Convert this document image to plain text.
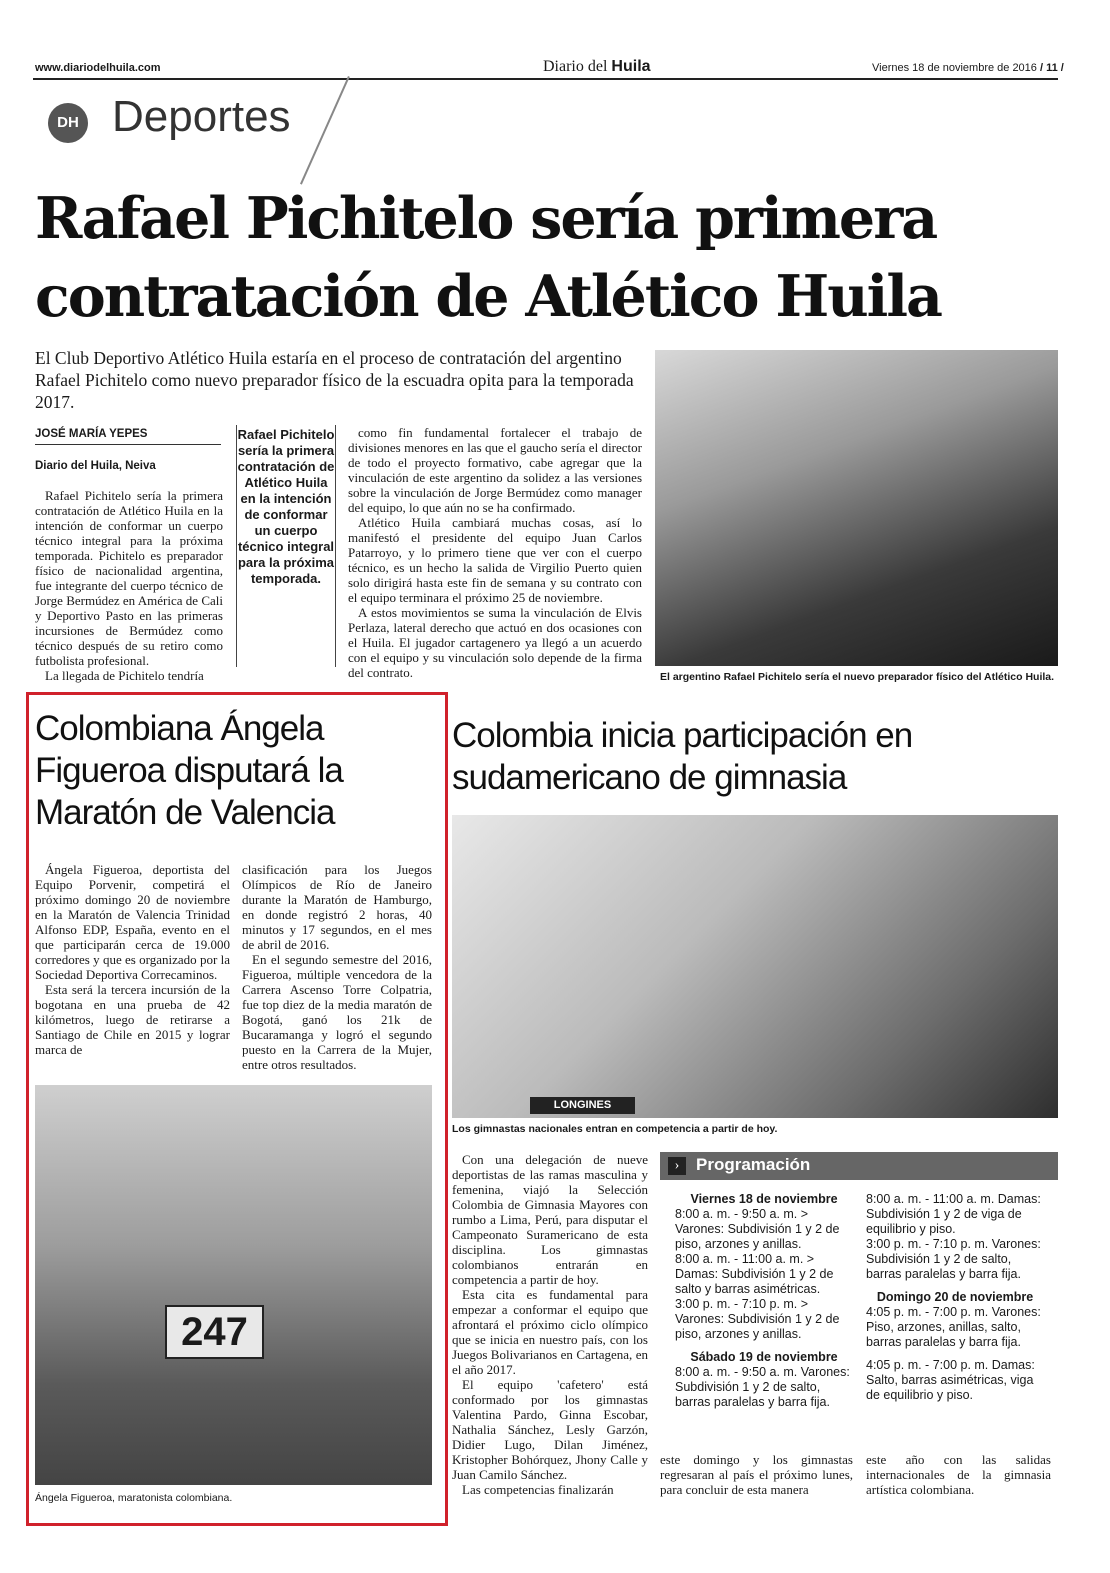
www.diariodelhuila.com	Diario del Huila	Viernes 18 de noviembre de 2016 / 11 /
DH Deportes
Rafael Pichitelo sería primera
contratación de Atlético Huila
El Club Deportivo Atlético Huila estaría en el proceso de contratación del argentino Rafael Pichitelo como nuevo preparador físico de la escuadra opita para la temporada 2017.
JOSÉ MARÍA YEPES
Diario del Huila, Neiva

Rafael Pichitelo sería la primera contratación de Atlético Huila en la intención de conformar un cuerpo técnico integral para la próxima temporada. Pichitelo es preparador físico de nacionalidad argentina, fue integrante del cuerpo técnico de Jorge Bermúdez en América de Cali y Deportivo Pasto en las primeras incursiones de Bermúdez como técnico después de su retiro como futbolista profesional.

La llegada de Pichitelo tendría

Rafael Pichitelo sería la primera contratación de Atlético Huila en la intención de conformar un cuerpo técnico integral para la próxima temporada.

como fin fundamental fortalecer el trabajo de divisiones menores en las que el gaucho sería el director de todo el proyecto formativo, cabe agregar que la vinculación de este argentino da solidez a las versiones sobre la vinculación de Jorge Bermúdez como manager del equipo, lo que aún no se ha confirmado.

Atlético Huila cambiará muchas cosas, así lo manifestó el presidente del equipo Juan Carlos Patarroyo, y lo primero tiene que ver con el cuerpo técnico, es un hecho la salida de Virgilio Puerto quien solo dirigirá hasta este fin de semana y su contrato con el equipo terminara el próximo 25 de noviembre.

A estos movimientos se suma la vinculación de Elvis Perlaza, lateral derecho que actuó en dos ocasiones con el Huila. El jugador cartagenero ya llegó a un acuerdo con el equipo y su vinculación solo depende de la firma del contrato.	El argentino Rafael Pichitelo sería el nuevo preparador físico del Atlético Huila.
Colombiana Ángela Figueroa disputará la Maratón de Valencia

Ángela Figueroa, deportista del Equipo Porvenir, competirá el próximo domingo 20 de noviembre en la Maratón de Valencia Trinidad Alfonso EDP, España, evento en el que participarán cerca de 19.000 corredores y que es organizado por la Sociedad Deportiva Correcaminos.

Esta será la tercera incursión de la bogotana en una prueba de 42 kilómetros, luego de retirarse a Santiago de Chile en 2015 y lograr marca de

clasificación para los Juegos Olímpicos de Río de Janeiro durante la Maratón de Hamburgo, en donde registró 2 horas, 40 minutos y 17 segundos, en el mes de abril de 2016.

En el segundo semestre del 2016, Figueroa, múltiple vencedora de la Carrera Ascenso Torre Colpatria, fue top diez de la media maratón de Bogotá, ganó los 21k de Bucaramanga y logró el segundo puesto en la Carrera de la Mujer, entre otros resultados.

247
Ángela Figueroa, maratonista colombiana.
Colombia inicia participación en sudamericano de gimnasia
LONGINES
Los gimnastas nacionales entran en competencia a partir de hoy.

Con una delegación de nueve deportistas de las ramas masculina y femenina, viajó la Selección Colombia de Gimnasia Mayores con rumbo a Lima, Perú, para disputar el Campeonato Suramericano de esta disciplina. Los gimnastas colombianos entrarán en competencia a partir de hoy.

Esta cita es fundamental para empezar a conformar el equipo que afrontará el próximo ciclo olímpico que se inicia en nuestro país, con los Juegos Bolivarianos en Cartagena, en el año 2017.

El equipo 'cafetero' está conformado por los gimnastas Valentina Pardo, Ginna Escobar, Nathalia Sánchez, Lesly Garzón, Didier Lugo, Dilan Jiménez, Kristopher Bohórquez, Jhony Calle y Juan Camilo Sánchez.

Las competencias finalizarán

› Programación

Viernes 18 de noviembre

8:00 a. m. - 9:50 a. m. > Varones: Subdivisión 1 y 2 de piso, arzones y anillas.

8:00 a. m. - 11:00 a. m. > Damas: Subdivisión 1 y 2 de salto y barras asimétricas.

3:00 p. m. - 7:10 p. m. > Varones: Subdivisión 1 y 2 de piso, arzones y anillas.

Sábado 19 de noviembre

8:00 a. m. - 9:50 a. m. Varones: Subdivisión 1 y 2 de salto, barras paralelas y barra fija.

8:00 a. m. - 11:00 a. m. Damas: Subdivisión 1 y 2 de viga de equilibrio y piso.

3:00 p. m. - 7:10 p. m. Varones: Subdivisión 1 y 2 de salto, barras paralelas y barra fija.

Domingo 20 de noviembre

4:05 p. m. - 7:00 p. m. Varones: Piso, arzones, anillas, salto, barras paralelas y barra fija.

4:05 p. m. - 7:00 p. m. Damas: Salto, barras asimétricas, viga de equilibrio y piso.

este domingo y los gimnastas regresaran al país el próximo lunes, para concluir de esta manera
este año con las salidas internacionales de la gimnasia artística colombiana.
